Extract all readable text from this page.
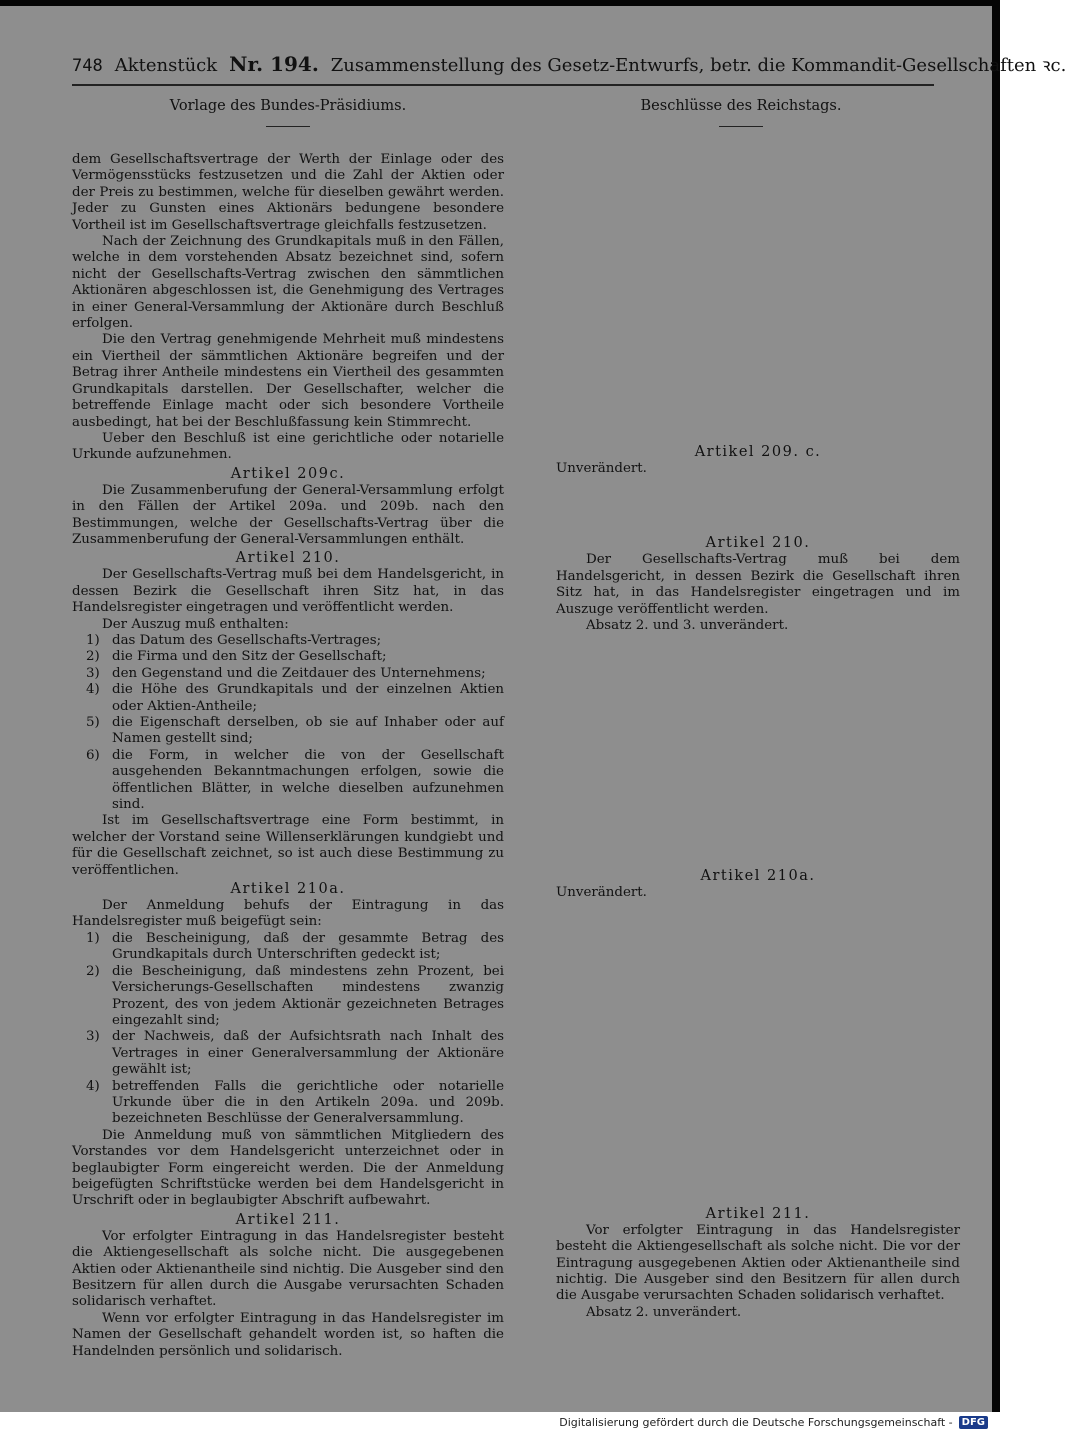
748 Aktenstück Nr. 194. Zusammenstellung des Gesetz-Entwurfs, betr. die Kommandit-Gesellschaften ꝛc.
Vorlage des Bundes-Präsidiums.	Beschlüsse des Reichstags.

dem Gesellschaftsvertrage der Werth der Einlage oder des Vermögensstücks festzusetzen und die Zahl der Aktien oder der Preis zu bestimmen, welche für dieselben gewährt werden. Jeder zu Gunsten eines Aktionärs bedungene besondere Vortheil ist im Gesellschaftsvertrage gleichfalls festzusetzen.

Nach der Zeichnung des Grundkapitals muß in den Fällen, welche in dem vorstehenden Absatz bezeichnet sind, sofern nicht der Gesellschafts-Vertrag zwischen den sämmtlichen Aktionären abgeschlossen ist, die Genehmigung des Vertrages in einer General-Versammlung der Aktionäre durch Beschluß erfolgen.

Die den Vertrag genehmigende Mehrheit muß mindestens ein Viertheil der sämmtlichen Aktionäre begreifen und der Betrag ihrer Antheile mindestens ein Viertheil des gesammten Grundkapitals darstellen. Der Gesellschafter, welcher die betreffende Einlage macht oder sich besondere Vortheile ausbedingt, hat bei der Beschlußfassung kein Stimmrecht.

Ueber den Beschluß ist eine gerichtliche oder notarielle Urkunde aufzunehmen.

Artikel 209c.

Die Zusammenberufung der General-Versammlung erfolgt in den Fällen der Artikel 209a. und 209b. nach den Bestimmungen, welche der Gesellschafts-Vertrag über die Zusammenberufung der General-Versammlungen enthält.

Artikel 210.

Der Gesellschafts-Vertrag muß bei dem Handelsgericht, in dessen Bezirk die Gesellschaft ihren Sitz hat, in das Handelsregister eingetragen und veröffentlicht werden.

Der Auszug muß enthalten:

1) das Datum des Gesellschafts-Vertrages;
2) die Firma und den Sitz der Gesellschaft;
3) den Gegenstand und die Zeitdauer des Unternehmens;
4) die Höhe des Grundkapitals und der einzelnen Aktien oder Aktien-Antheile;
5) die Eigenschaft derselben, ob sie auf Inhaber oder auf Namen gestellt sind;
6) die Form, in welcher die von der Gesellschaft ausgehenden Bekanntmachungen erfolgen, sowie die öffentlichen Blätter, in welche dieselben aufzunehmen sind.

Ist im Gesellschaftsvertrage eine Form bestimmt, in welcher der Vorstand seine Willenserklärungen kundgiebt und für die Gesellschaft zeichnet, so ist auch diese Bestimmung zu veröffentlichen.

Artikel 210a.

Der Anmeldung behufs der Eintragung in das Handelsregister muß beigefügt sein:

1) die Bescheinigung, daß der gesammte Betrag des Grundkapitals durch Unterschriften gedeckt ist;
2) die Bescheinigung, daß mindestens zehn Prozent, bei Versicherungs-Gesellschaften mindestens zwanzig Prozent, des von jedem Aktionär gezeichneten Betrages eingezahlt sind;
3) der Nachweis, daß der Aufsichtsrath nach Inhalt des Vertrages in einer Generalversammlung der Aktionäre gewählt ist;
4) betreffenden Falls die gerichtliche oder notarielle Urkunde über die in den Artikeln 209a. und 209b. bezeichneten Beschlüsse der Generalversammlung.

Die Anmeldung muß von sämmtlichen Mitgliedern des Vorstandes vor dem Handelsgericht unterzeichnet oder in beglaubigter Form eingereicht werden. Die der Anmeldung beigefügten Schriftstücke werden bei dem Handelsgericht in Urschrift oder in beglaubigter Abschrift aufbewahrt.

Artikel 211.

Vor erfolgter Eintragung in das Handelsregister besteht die Aktiengesellschaft als solche nicht. Die ausgegebenen Aktien oder Aktienantheile sind nichtig. Die Ausgeber sind den Besitzern für allen durch die Ausgabe verursachten Schaden solidarisch verhaftet.

Wenn vor erfolgter Eintragung in das Handelsregister im Namen der Gesellschaft gehandelt worden ist, so haften die Handelnden persönlich und solidarisch.

Artikel 209. c.

Unverändert.

Artikel 210.

Der Gesellschafts-Vertrag muß bei dem Handelsgericht, in dessen Bezirk die Gesellschaft ihren Sitz hat, in das Handelsregister eingetragen und im Auszuge veröffentlicht werden.

Absatz 2. und 3. unverändert.

Artikel 210a.

Unverändert.

Artikel 211.

Vor erfolgter Eintragung in das Handelsregister besteht die Aktiengesellschaft als solche nicht. Die vor der Eintragung ausgegebenen Aktien oder Aktienantheile sind nichtig. Die Ausgeber sind den Besitzern für allen durch die Ausgabe verursachten Schaden solidarisch verhaftet.

Absatz 2. unverändert.

Digitalisierung gefördert durch die Deutsche Forschungsgemeinschaft - DFG
